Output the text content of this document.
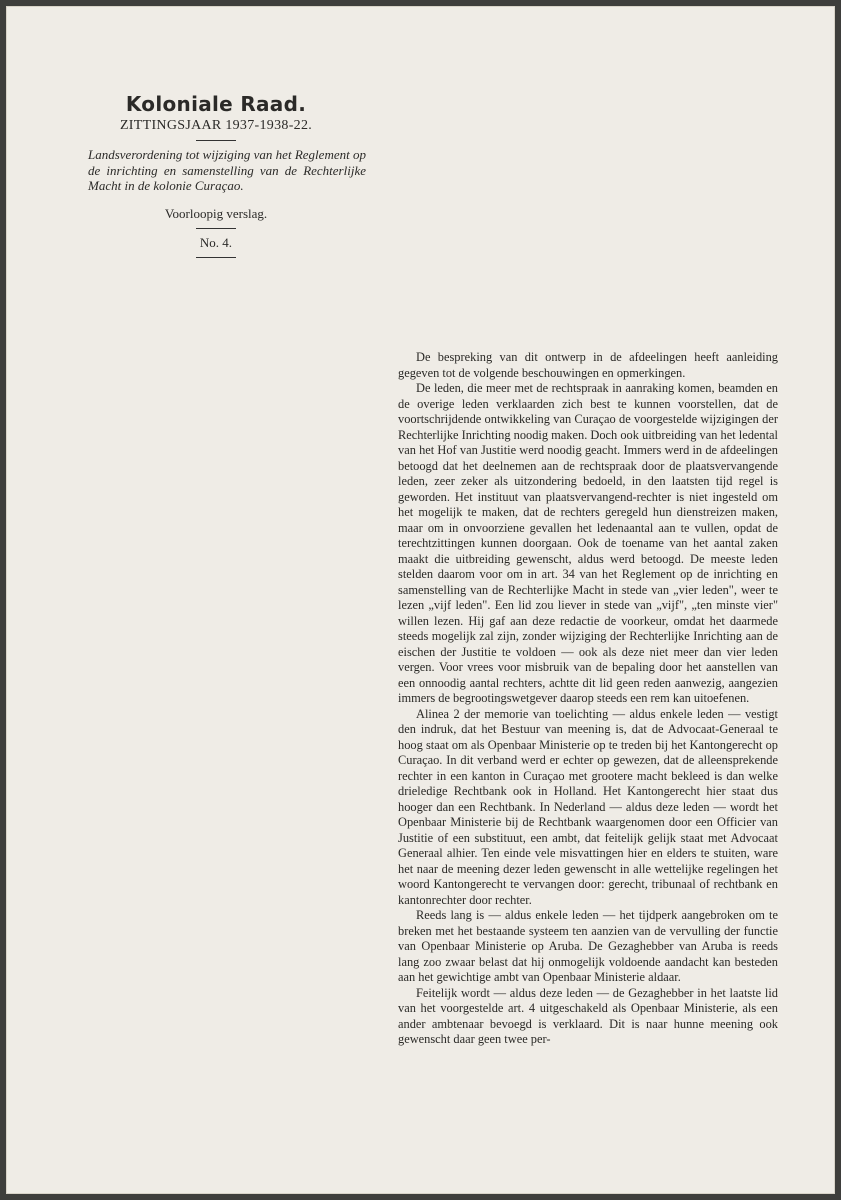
Koloniale Raad.
ZITTINGSJAAR 1937-1938-22.
Landsverordening tot wijziging van het Reglement op de inrichting en samenstelling van de Rechterlijke Macht in de kolonie Curaçao.
Voorloopig verslag.
No. 4.

De bespreking van dit ontwerp in de afdeelingen heeft aanleiding gegeven tot de volgende beschouwingen en opmerkingen.

De leden, die meer met de rechtspraak in aanraking komen, beamden en de overige leden verklaarden zich best te kunnen voorstellen, dat de voortschrijdende ontwikkeling van Curaçao de voorgestelde wijzigingen der Rechterlijke Inrichting noodig maken. Doch ook uitbreiding van het ledental van het Hof van Justitie werd noodig geacht. Immers werd in de afdeelingen betoogd dat het deelnemen aan de rechtspraak door de plaatsvervangende leden, zeer zeker als uitzondering bedoeld, in den laatsten tijd regel is geworden. Het instituut van plaatsvervangend-rechter is niet ingesteld om het mogelijk te maken, dat de rechters geregeld hun dienstreizen maken, maar om in onvoorziene gevallen het ledenaantal aan te vullen, opdat de terechtzittingen kunnen doorgaan. Ook de toename van het aantal zaken maakt die uitbreiding gewenscht, aldus werd betoogd. De meeste leden stelden daarom voor om in art. 34 van het Reglement op de inrichting en samenstelling van de Rechterlijke Macht in stede van „vier leden", weer te lezen „vijf leden". Een lid zou liever in stede van „vijf", „ten minste vier" willen lezen. Hij gaf aan deze redactie de voorkeur, omdat het daarmede steeds mogelijk zal zijn, zonder wijziging der Rechterlijke Inrichting aan de eischen der Justitie te voldoen — ook als deze niet meer dan vier leden vergen. Voor vrees voor misbruik van de bepaling door het aanstellen van een onnoodig aantal rechters, achtte dit lid geen reden aanwezig, aangezien immers de begrootingswetgever daarop steeds een rem kan uitoefenen.

Alinea 2 der memorie van toelichting — aldus enkele leden — vestigt den indruk, dat het Bestuur van meening is, dat de Advocaat-Generaal te hoog staat om als Openbaar Ministerie op te treden bij het Kantongerecht op Curaçao. In dit verband werd er echter op gewezen, dat de alleensprekende rechter in een kanton in Curaçao met grootere macht bekleed is dan welke drieledige Rechtbank ook in Holland. Het Kantongerecht hier staat dus hooger dan een Rechtbank. In Nederland — aldus deze leden — wordt het Openbaar Ministerie bij de Rechtbank waargenomen door een Officier van Justitie of een substituut, een ambt, dat feitelijk gelijk staat met Advocaat Generaal alhier. Ten einde vele misvattingen hier en elders te stuiten, ware het naar de meening dezer leden gewenscht in alle wettelijke regelingen het woord Kantongerecht te vervangen door: gerecht, tribunaal of rechtbank en kantonrechter door rechter.

Reeds lang is — aldus enkele leden — het tijdperk aangebroken om te breken met het bestaande systeem ten aanzien van de vervulling der functie van Openbaar Ministerie op Aruba. De Gezaghebber van Aruba is reeds lang zoo zwaar belast dat hij onmogelijk voldoende aandacht kan besteden aan het gewichtige ambt van Openbaar Ministerie aldaar.

Feitelijk wordt — aldus deze leden — de Gezaghebber in het laatste lid van het voorgestelde art. 4 uitgeschakeld als Openbaar Ministerie, als een ander ambtenaar bevoegd is verklaard. Dit is naar hunne meening ook gewenscht daar geen twee per-
